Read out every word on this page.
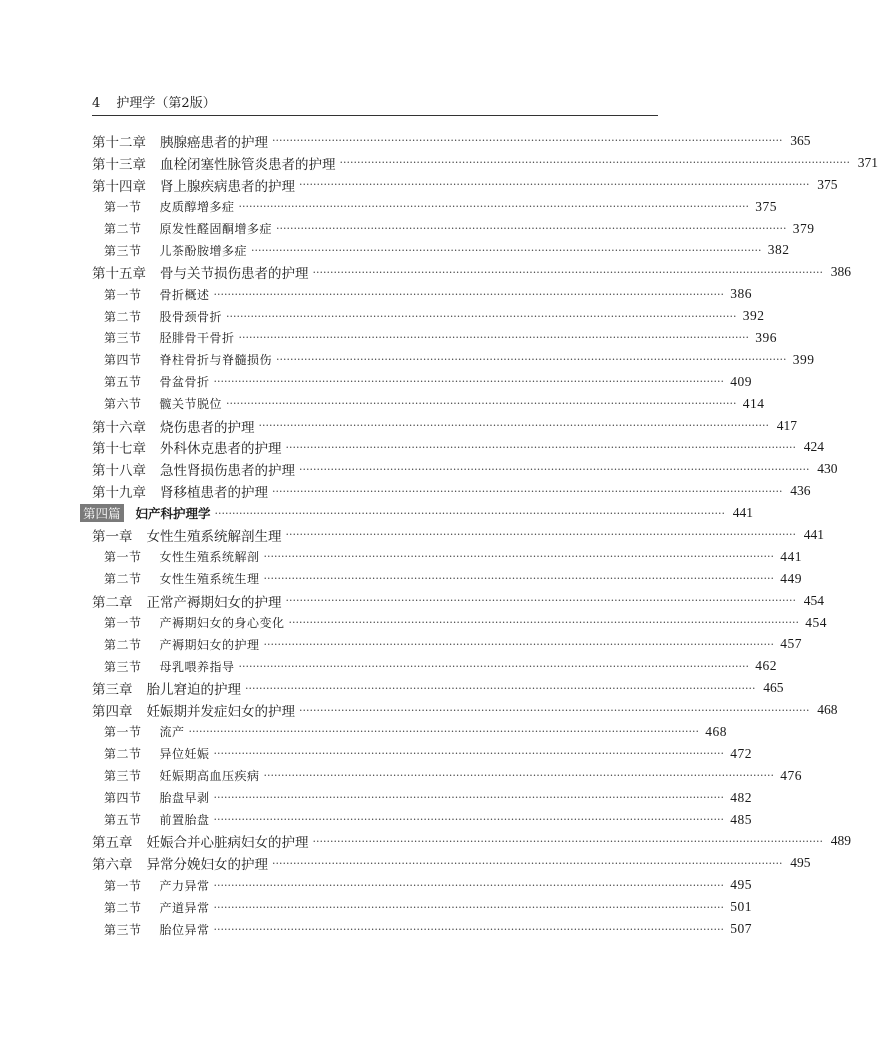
4 护理学（第2版）
第十二章 胰腺癌患者的护理 ·····	365
第十三章 血栓闭塞性脉管炎患者的护理 ·····	371
第十四章 肾上腺疾病患者的护理 ·····	375
第一节 皮质醇增多症 ·····	375
第二节 原发性醛固酮增多症 ·····	379
第三节 儿茶酚胺增多症 ·····	382
第十五章 骨与关节损伤患者的护理 ·····	386
第一节 骨折概述 ·····	386
第二节 股骨颈骨折 ·····	392
第三节 胫腓骨干骨折 ·····	396
第四节 脊柱骨折与脊髓损伤 ·····	399
第五节 骨盆骨折 ·····	409
第六节 髋关节脱位 ·····	414
第十六章 烧伤患者的护理 ·····	417
第十七章 外科休克患者的护理 ·····	424
第十八章 急性肾损伤患者的护理 ·····	430
第十九章 肾移植患者的护理 ·····	436
第四篇 妇产科护理学 ·····	441
第一章 女性生殖系统解剖生理 ·····	441
第一节 女性生殖系统解剖 ·····	441
第二节 女性生殖系统生理 ·····	449
第二章 正常产褥期妇女的护理 ·····	454
第一节 产褥期妇女的身心变化 ·····	454
第二节 产褥期妇女的护理 ·····	457
第三节 母乳喂养指导 ·····	462
第三章 胎儿窘迫的护理 ·····	465
第四章 妊娠期并发症妇女的护理 ·····	468
第一节 流产 ·····	468
第二节 异位妊娠 ·····	472
第三节 妊娠期高血压疾病 ·····	476
第四节 胎盘早剥 ·····	482
第五节 前置胎盘 ·····	485
第五章 妊娠合并心脏病妇女的护理 ·····	489
第六章 异常分娩妇女的护理 ·····	495
第一节 产力异常 ·····	495
第二节 产道异常 ·····	501
第三节 胎位异常 ·····	507
